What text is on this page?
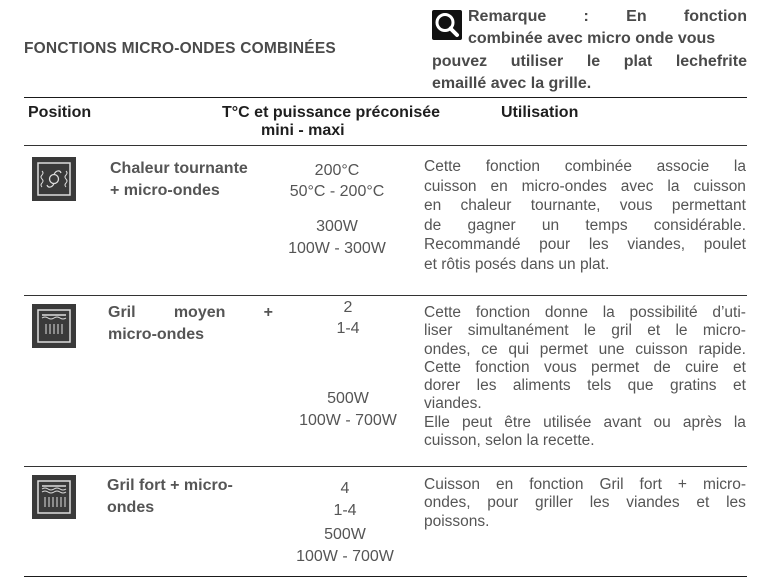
FONCTIONS MICRO-ONDES COMBINÉES
Remarque : En fonction
combinée avec micro onde vous
pouvez utiliser le plat lechefrite
emaillé avec la grille.
Position	T°C et puissance préconisée
mini - maxi
Utilisation
Chaleur tournante
+ micro-ondes
200°C
50°C - 200°C
300W
100W - 300W
Cette fonction combinée associe la
cuisson en micro-ondes avec la cuisson
en chaleur tournante, vous permettant
de gagner un temps considérable.
Recommandé pour les viandes, poulet
et rôtis posés dans un plat.
Gril moyen +
micro-ondes
2
1-4
500W
100W - 700W
Cette fonction donne la possibilité d’uti-
liser simultanément le gril et le micro-
ondes, ce qui permet une cuisson rapide.
Cette fonction vous permet de cuire et
dorer les aliments tels que gratins et
viandes.
Elle peut être utilisée avant ou après la
cuisson, selon la recette.
Gril fort + micro-
ondes
4
1-4
500W
100W - 700W
Cuisson en fonction Gril fort + micro-
ondes, pour griller les viandes et les
poissons.
